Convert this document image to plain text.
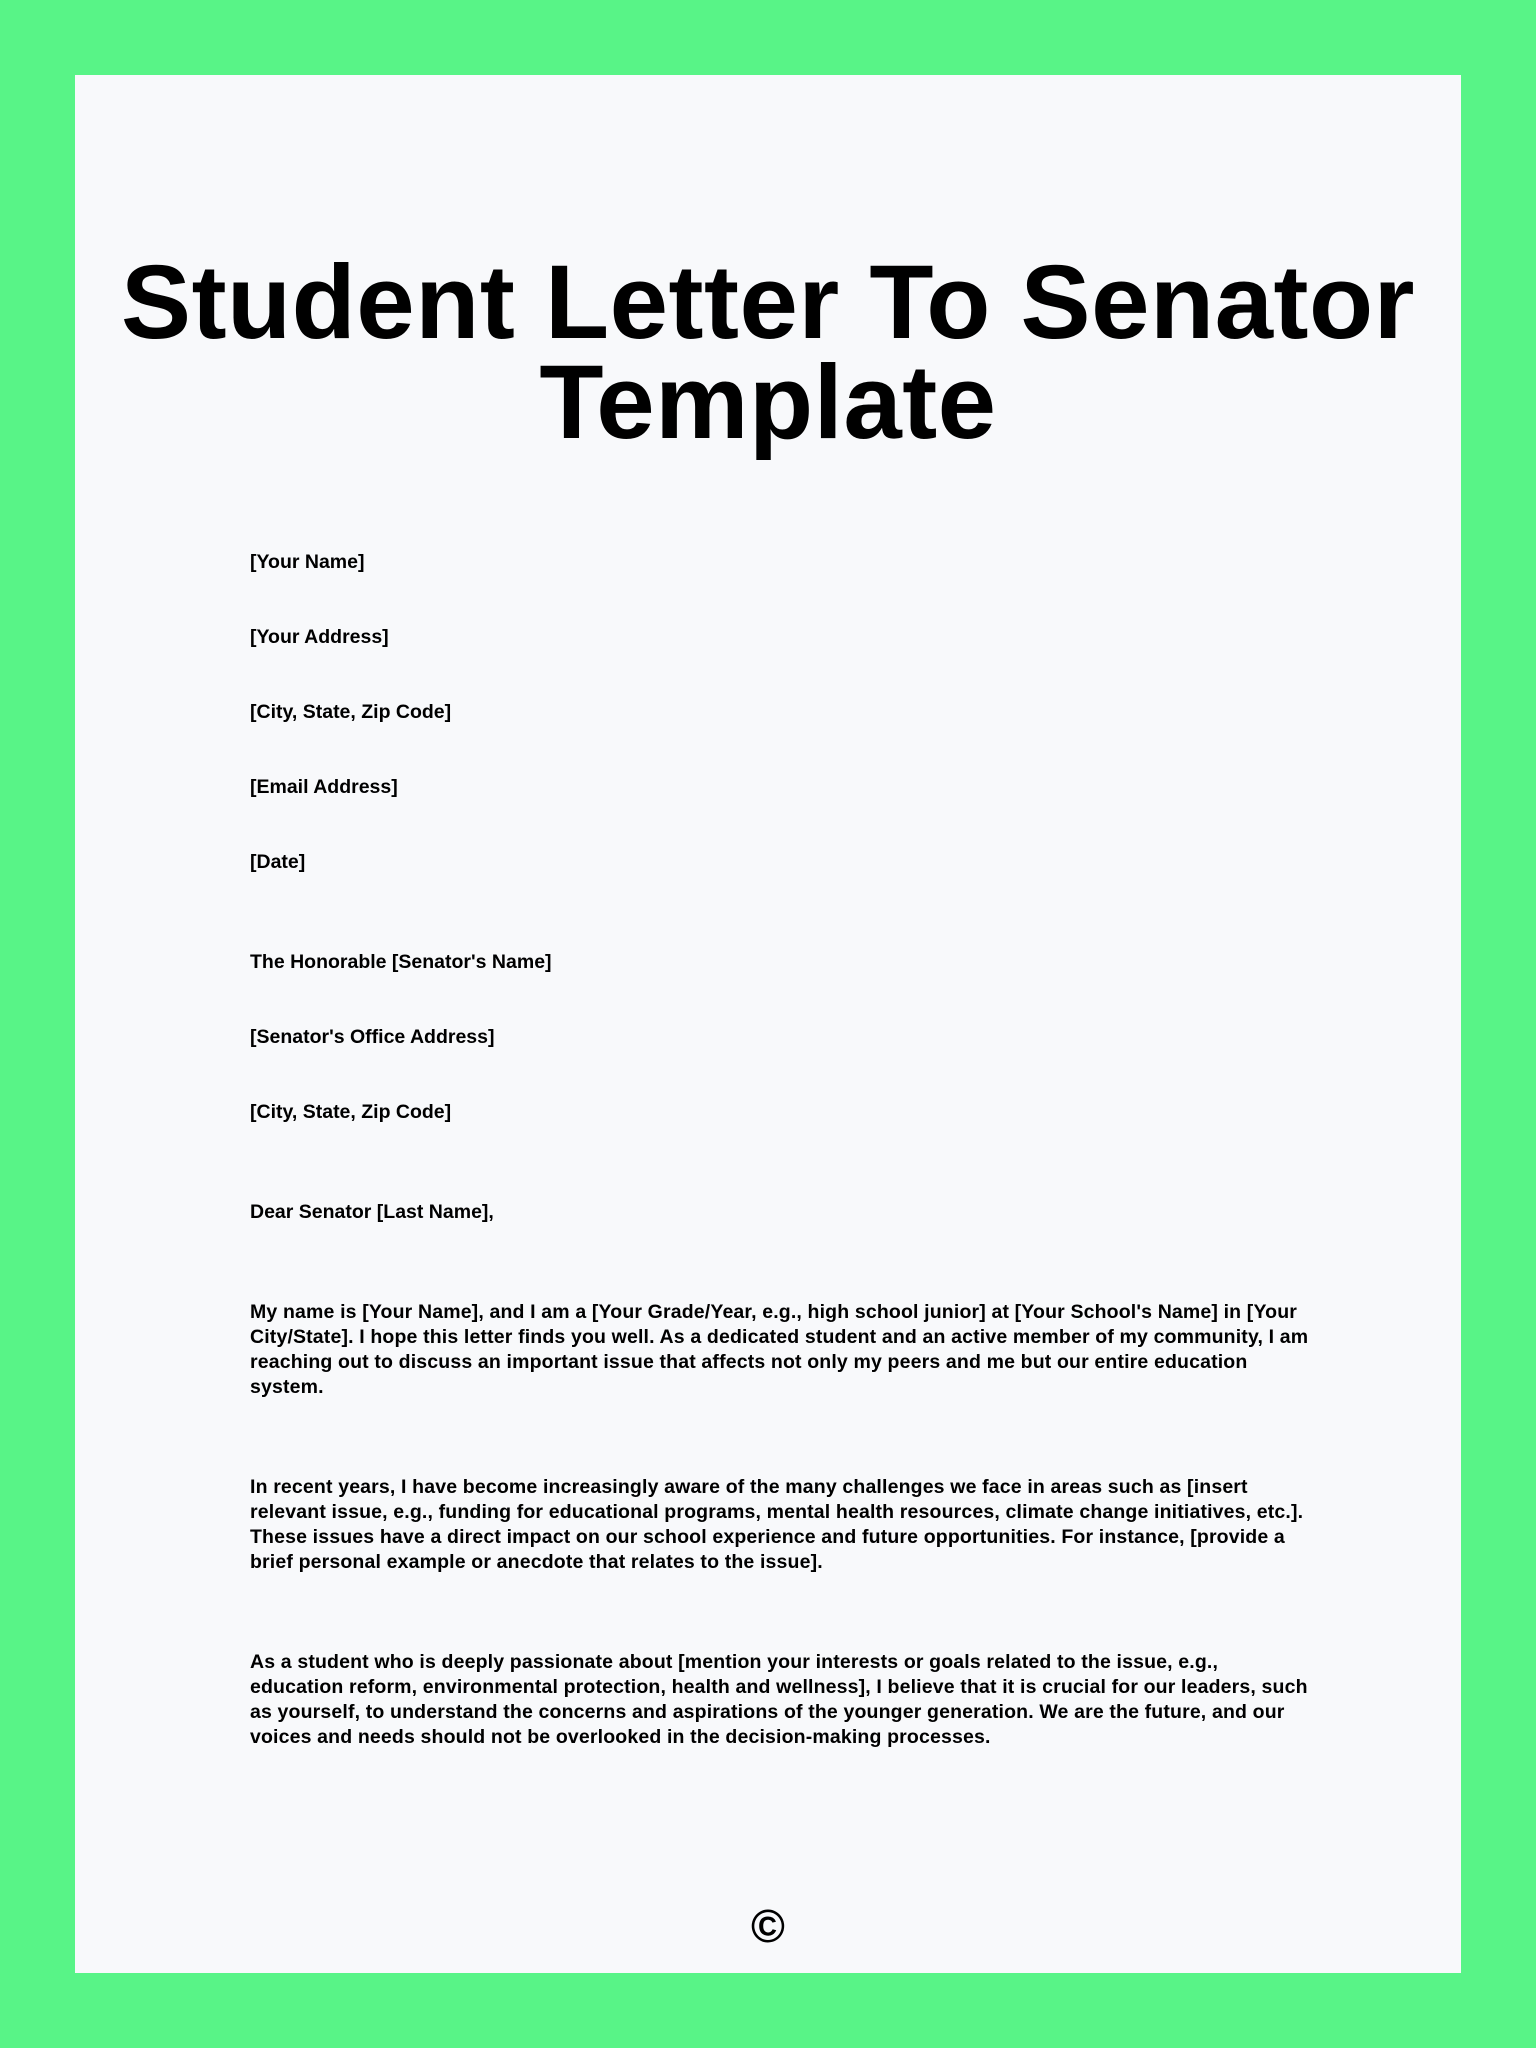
Student Letter To Senator
Template

[Your Name]

[Your Address]

[City, State, Zip Code]

[Email Address]

[Date]

The Honorable [Senator's Name]

[Senator's Office Address]

[City, State, Zip Code]

Dear Senator [Last Name],

My name is [Your Name], and I am a [Your Grade/Year, e.g., high school junior] at [Your School's Name] in [Your City/State]. I hope this letter finds you well. As a dedicated student and an active member of my community, I am reaching out to discuss an important issue that affects not only my peers and me but our entire education system.

In recent years, I have become increasingly aware of the many challenges we face in areas such as [insert relevant issue, e.g., funding for educational programs, mental health resources, climate change initiatives, etc.]. These issues have a direct impact on our school experience and future opportunities. For instance, [provide a brief personal example or anecdote that relates to the issue].

As a student who is deeply passionate about [mention your interests or goals related to the issue, e.g., education reform, environmental protection, health and wellness], I believe that it is crucial for our leaders, such as yourself, to understand the concerns and aspirations of the younger generation. We are the future, and our voices and needs should not be overlooked in the decision-making processes.

©
